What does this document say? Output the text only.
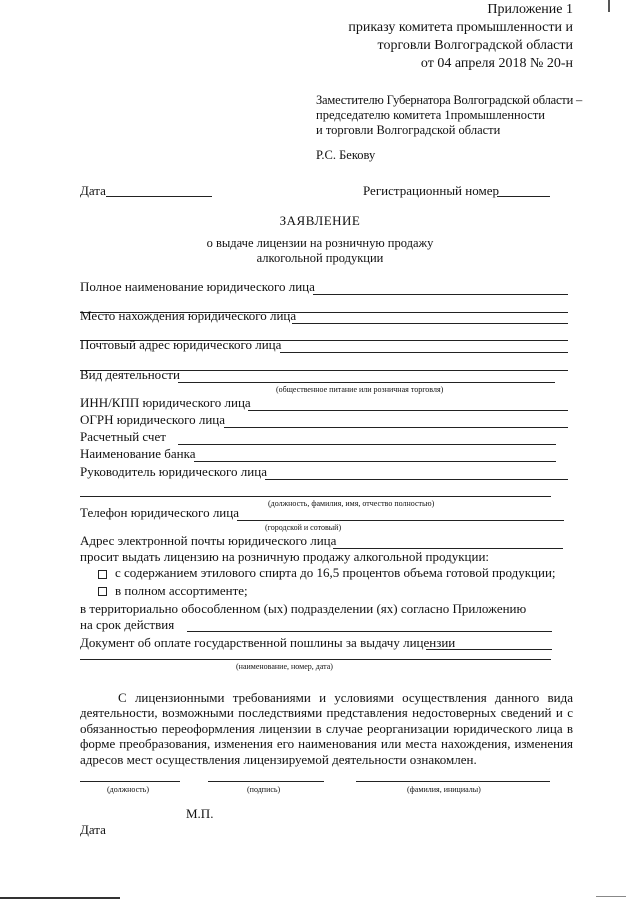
Приложение 1
приказу комитета промышленности и
торговли Волгоградской области
от 04 апреля 2018 № 20-н
Заместителю Губернатора Волгоградской области –
председателю комитета 1промышленности
и торговли Волгоградской области
Р.С. Бекову
Дата	Регистрационный номер
ЗАЯВЛЕНИЕ
о выдаче лицензии на розничную продажу
алкогольной продукции
Полное наименование юридического лица
Место нахождения юридического лица
Почтовый адрес юридического лица
Вид деятельности
(общественное питание или розничная торговля)
ИНН/КПП юридического лица
ОГРН юридического лица
Расчетный счет
Наименование банка
Руководитель юридического лица
(должность, фамилия, имя, отчество полностью)
Телефон юридического лица
(городской и сотовый)
Адрес электронной почты юридического лица
просит выдать лицензию на розничную продажу алкогольной продукции:
с содержанием этилового спирта до 16,5 процентов объема готовой продукции;
в полном ассортименте;
в территориально обособленном (ых) подразделении (ях) согласно Приложению
на срок действия
Документ об оплате государственной пошлины за выдачу лицензии
(наименование, номер, дата)
С лицензионными требованиями и условиями осуществления данного вида деятельности, возможными последствиями представления недостоверных сведений и с обязанностью переоформления лицензии в случае реорганизации юридического лица в форме преобразования, изменения его наименования или места нахождения, изменения адресов мест осуществления лицензируемой деятельности ознакомлен.
(должность)	(подпись)	(фамилия, инициалы)
М.П.
Дата
